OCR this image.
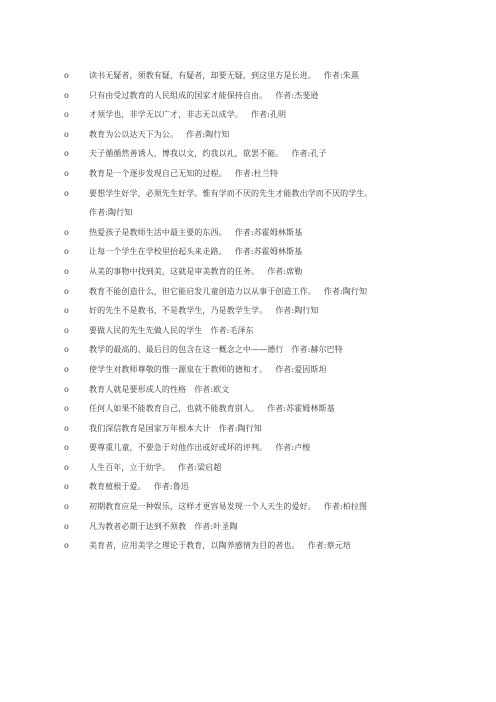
o
读书无疑者，须教有疑，有疑者，却要无疑，到这里方是长进。 作者:朱熹
o
只有由受过教育的人民组成的国家才能保持自由。 作者:杰斐逊
o
才须学也，非学无以广才，非志无以成学。 作者:孔明
o
教育为公以达天下为公。 作者:陶行知
o
夫子循循然善诱人，博我以文，约我以礼，欲罢不能。 作者:孔子
o
教育是一个逐步发现自己无知的过程。 作者:杜兰特
o
要想学生好学，必须先生好学。惟有学而不厌的先生才能教出学而不厌的学生。
作者:陶行知
o
热爱孩子是教师生活中最主要的东西。 作者:苏霍姆林斯基
o
让每一个学生在学校里抬起头来走路。 作者:苏霍姆林斯基
o
从美的事物中找到美，这就是审美教育的任务。 作者:席勒
o
教育不能创造什么，但它能启发儿童创造力以从事于创造工作。 作者:陶行知
o
好的先生不是教书，不是教学生，乃是教学生学。 作者:陶行知
o
要做人民的先生先做人民的学生 作者:毛泽东
o
教学的最高的、最后目的包含在这一概念之中——德行 作者:赫尔巴特
o
使学生对教师尊敬的惟一源泉在于教师的德和才。 作者:爱因斯坦
o
教育人就是要形成人的性格 作者:欧文
o
任何人如果不能教育自己，也就不能教育别人。 作者:苏霍姆林斯基
o
我们深信教育是国家万年根本大计 作者:陶行知
o
要尊重儿童，不要急于对他作出或好或坏的评判。 作者:卢梭
o
人生百年，立于幼学。 作者:梁启超
o
教育植根于爱。 作者:鲁迅
o
初期教育应是一种娱乐，这样才更容易发现一个人天生的爱好。 作者:柏拉图
o
凡为教者必期于达到不须教 作者:叶圣陶
o
美育者，应用美学之理论于教育，以陶养感情为目的者也。 作者:蔡元培
